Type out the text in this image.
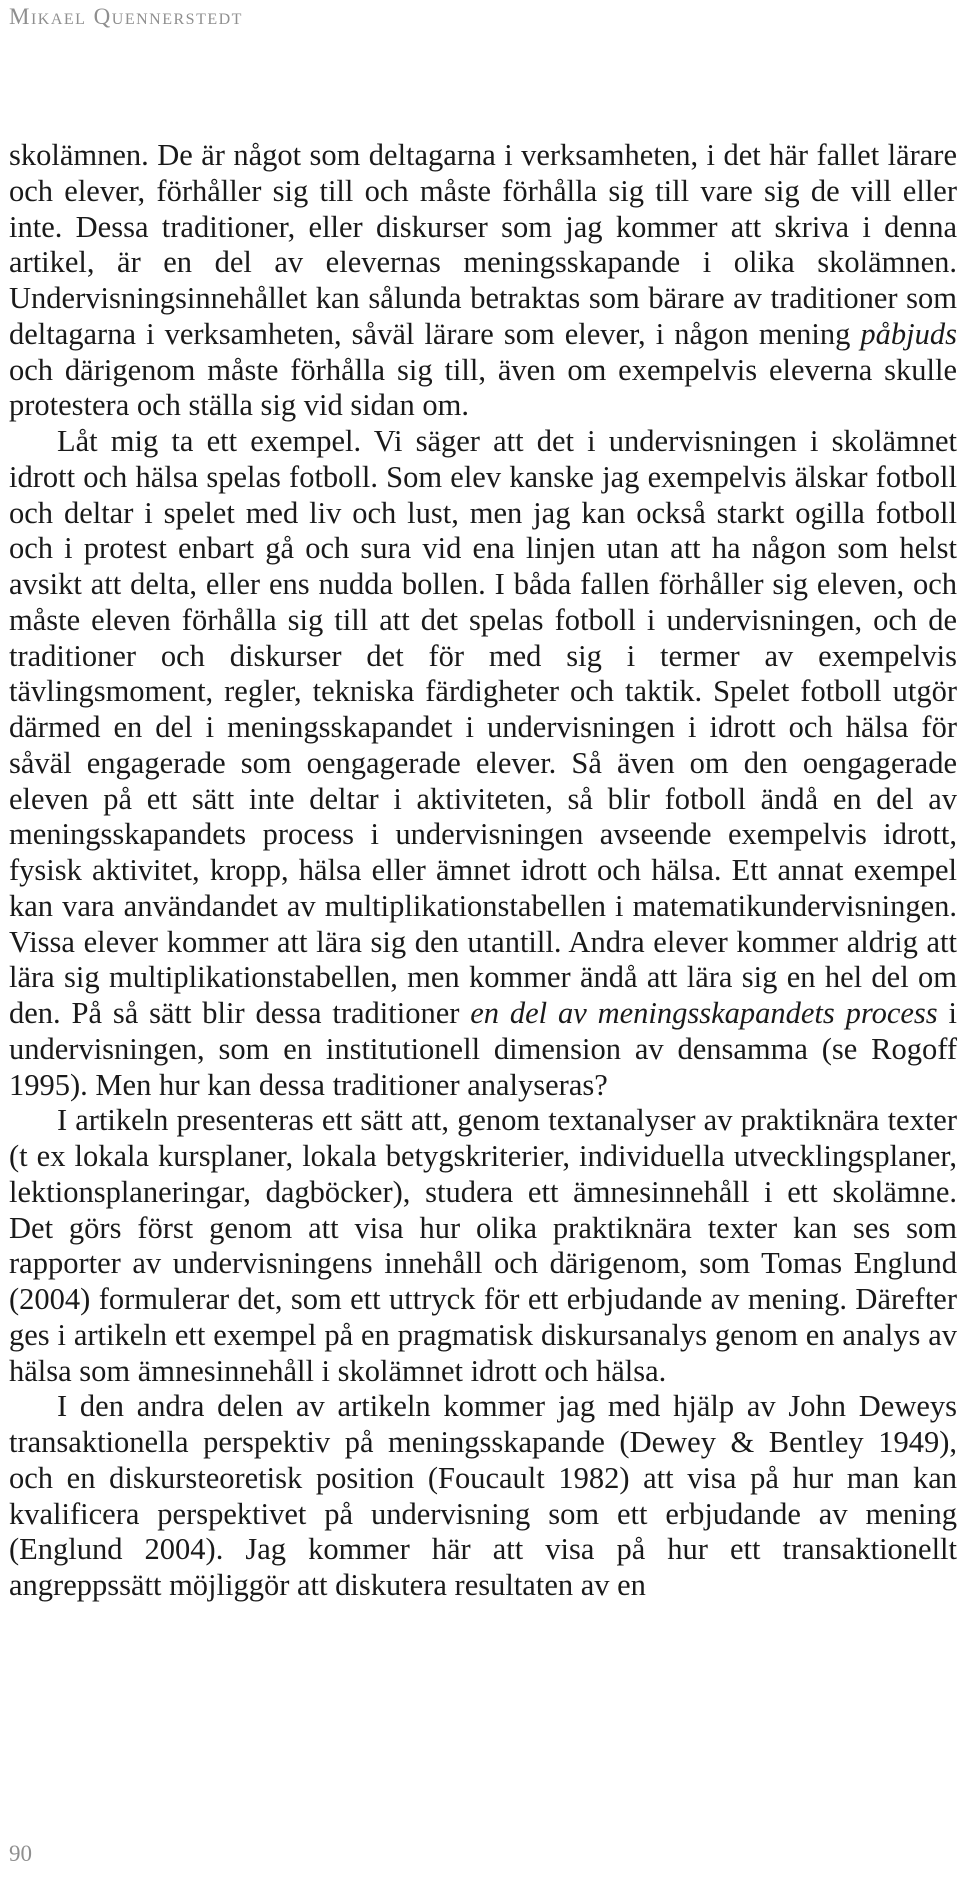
Mikael Quennerstedt

skolämnen. De är något som deltagarna i verksamheten, i det här fallet lärare och elever, förhåller sig till och måste förhålla sig till vare sig de vill eller inte. Dessa traditioner, eller diskurser som jag kommer att skriva i denna artikel, är en del av elevernas meningsskapande i olika skolämnen. Undervisningsinnehållet kan sålunda betraktas som bärare av traditioner som deltagarna i verksamheten, såväl lärare som elever, i någon mening påbjuds och därigenom måste förhålla sig till, även om exempelvis eleverna skulle protestera och ställa sig vid sidan om.

Låt mig ta ett exempel. Vi säger att det i undervisningen i skolämnet idrott och hälsa spelas fotboll. Som elev kanske jag exempelvis älskar fotboll och deltar i spelet med liv och lust, men jag kan också starkt ogilla fotboll och i protest enbart gå och sura vid ena linjen utan att ha någon som helst avsikt att delta, eller ens nudda bollen. I båda fallen förhåller sig eleven, och måste eleven förhålla sig till att det spelas fotboll i undervisningen, och de traditioner och diskurser det för med sig i termer av exempelvis tävlingsmoment, regler, tekniska färdigheter och taktik. Spelet fotboll utgör därmed en del i meningsskapandet i undervisningen i idrott och hälsa för såväl engagerade som oengagerade elever. Så även om den oengagerade eleven på ett sätt inte deltar i aktiviteten, så blir fotboll ändå en del av meningsskapandets process i undervisningen avseende exempelvis idrott, fysisk aktivitet, kropp, hälsa eller ämnet idrott och hälsa. Ett annat exempel kan vara användandet av multiplikationstabellen i matematikundervisningen. Vissa elever kommer att lära sig den utantill. Andra elever kommer aldrig att lära sig multiplikationstabellen, men kommer ändå att lära sig en hel del om den. På så sätt blir dessa traditioner en del av meningsskapandets process i undervisningen, som en institutionell dimension av densamma (se Rogoff 1995). Men hur kan dessa traditioner analyseras?

I artikeln presenteras ett sätt att, genom textanalyser av praktiknära texter (t ex lokala kursplaner, lokala betygskriterier, individuella utvecklingsplaner, lektionsplaneringar, dagböcker), studera ett ämnesinnehåll i ett skolämne. Det görs först genom att visa hur olika praktiknära texter kan ses som rapporter av undervisningens innehåll och därigenom, som Tomas Englund (2004) formulerar det, som ett uttryck för ett erbjudande av mening. Därefter ges i artikeln ett exempel på en pragmatisk diskursanalys genom en analys av hälsa som ämnesinnehåll i skolämnet idrott och hälsa.

I den andra delen av artikeln kommer jag med hjälp av John Deweys transaktionella perspektiv på meningsskapande (Dewey & Bentley 1949), och en diskursteoretisk position (Foucault 1982) att visa på hur man kan kvalificera perspektivet på undervisning som ett erbjudande av mening (Englund 2004). Jag kommer här att visa på hur ett transaktionellt angreppssätt möjliggör att diskutera resultaten av en

90
